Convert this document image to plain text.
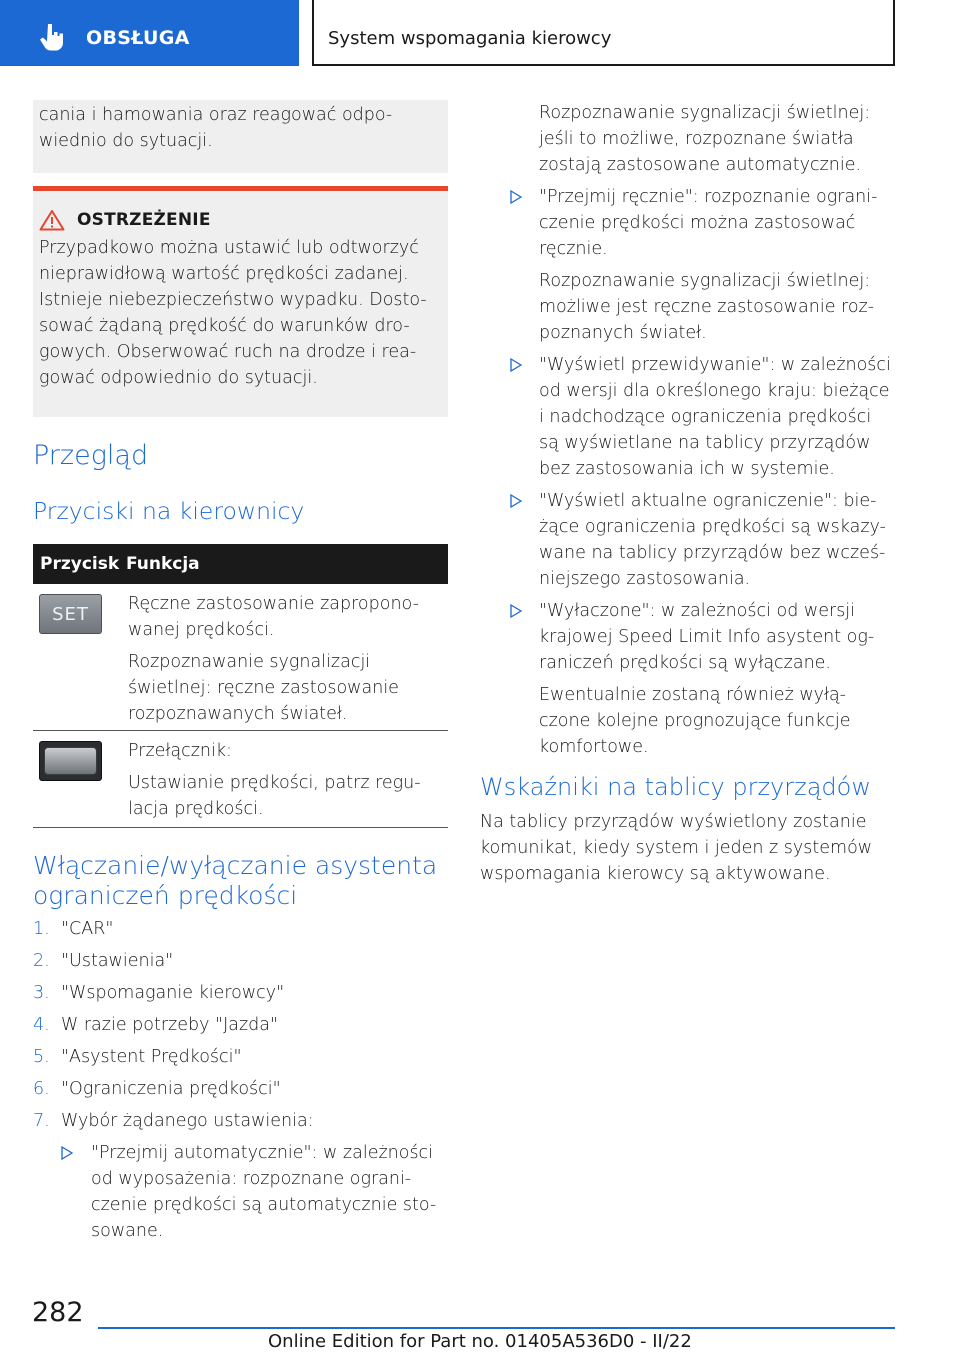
OBSŁUGA	System wspomagania kierowcy

cania i hamowania oraz reagować odpo-

wiednio do sytuacji.

OSTRZEŻENIE

Przypadkowo można ustawić lub odtworzyć

nieprawidłową wartość prędkości zadanej.

Istnieje niebezpieczeństwo wypadku. Dosto-

sować żądaną prędkość do warunków dro-

gowych. Obserwować ruch na drodze i rea-

gować odpowiednio do sytuacji.

Przegląd
Przyciski na kierownicy
Przycisk Funkcja
SET Ręczne zastosowanie zapropono-

wanej prędkości.

Rozpoznawanie sygnalizacji

świetlnej: ręczne zastosowanie

rozpoznawanych świateł.

Przełącznik:

Ustawianie prędkości, patrz regu-

lacja prędkości.

Włączanie/wyłączanie asystenta
ograniczeń prędkości
1. "CAR"
2. "Ustawienia"
3. "Wspomaganie kierowcy"
4. W razie potrzeby "Jazda"
5. "Asystent Prędkości"
6. "Ograniczenia prędkości"
7. Wybór żądanego ustawienia:

"Przejmij automatycznie": w zależności

od wyposażenia: rozpoznane ograni-

czenie prędkości są automatycznie sto-

sowane.

Rozpoznawanie sygnalizacji świetlnej:

jeśli to możliwe, rozpoznane światła

zostają zastosowane automatycznie.

"Przejmij ręcznie": rozpoznanie ograni-

czenie prędkości można zastosować

ręcznie.

Rozpoznawanie sygnalizacji świetlnej:

możliwe jest ręczne zastosowanie roz-

poznanych świateł.

"Wyświetl przewidywanie": w zależności

od wersji dla określonego kraju: bieżące

i nadchodzące ograniczenia prędkości

są wyświetlane na tablicy przyrządów

bez zastosowania ich w systemie.

"Wyświetl aktualne ograniczenie": bie-

żące ograniczenia prędkości są wskazy-

wane na tablicy przyrządów bez wcześ-

niejszego zastosowania.

"Wyłaczone": w zależności od wersji

krajowej Speed Limit Info asystent og-

raniczeń prędkości są wyłączane.

Ewentualnie zostaną również wyłą-

czone kolejne prognozujące funkcje

komfortowe.

Wskaźniki na tablicy przyrządów

Na tablicy przyrządów wyświetlony zostanie

komunikat, kiedy system i jeden z systemów

wspomagania kierowcy są aktywowane.

282
Online Edition for Part no. 01405A536D0 - II/22
